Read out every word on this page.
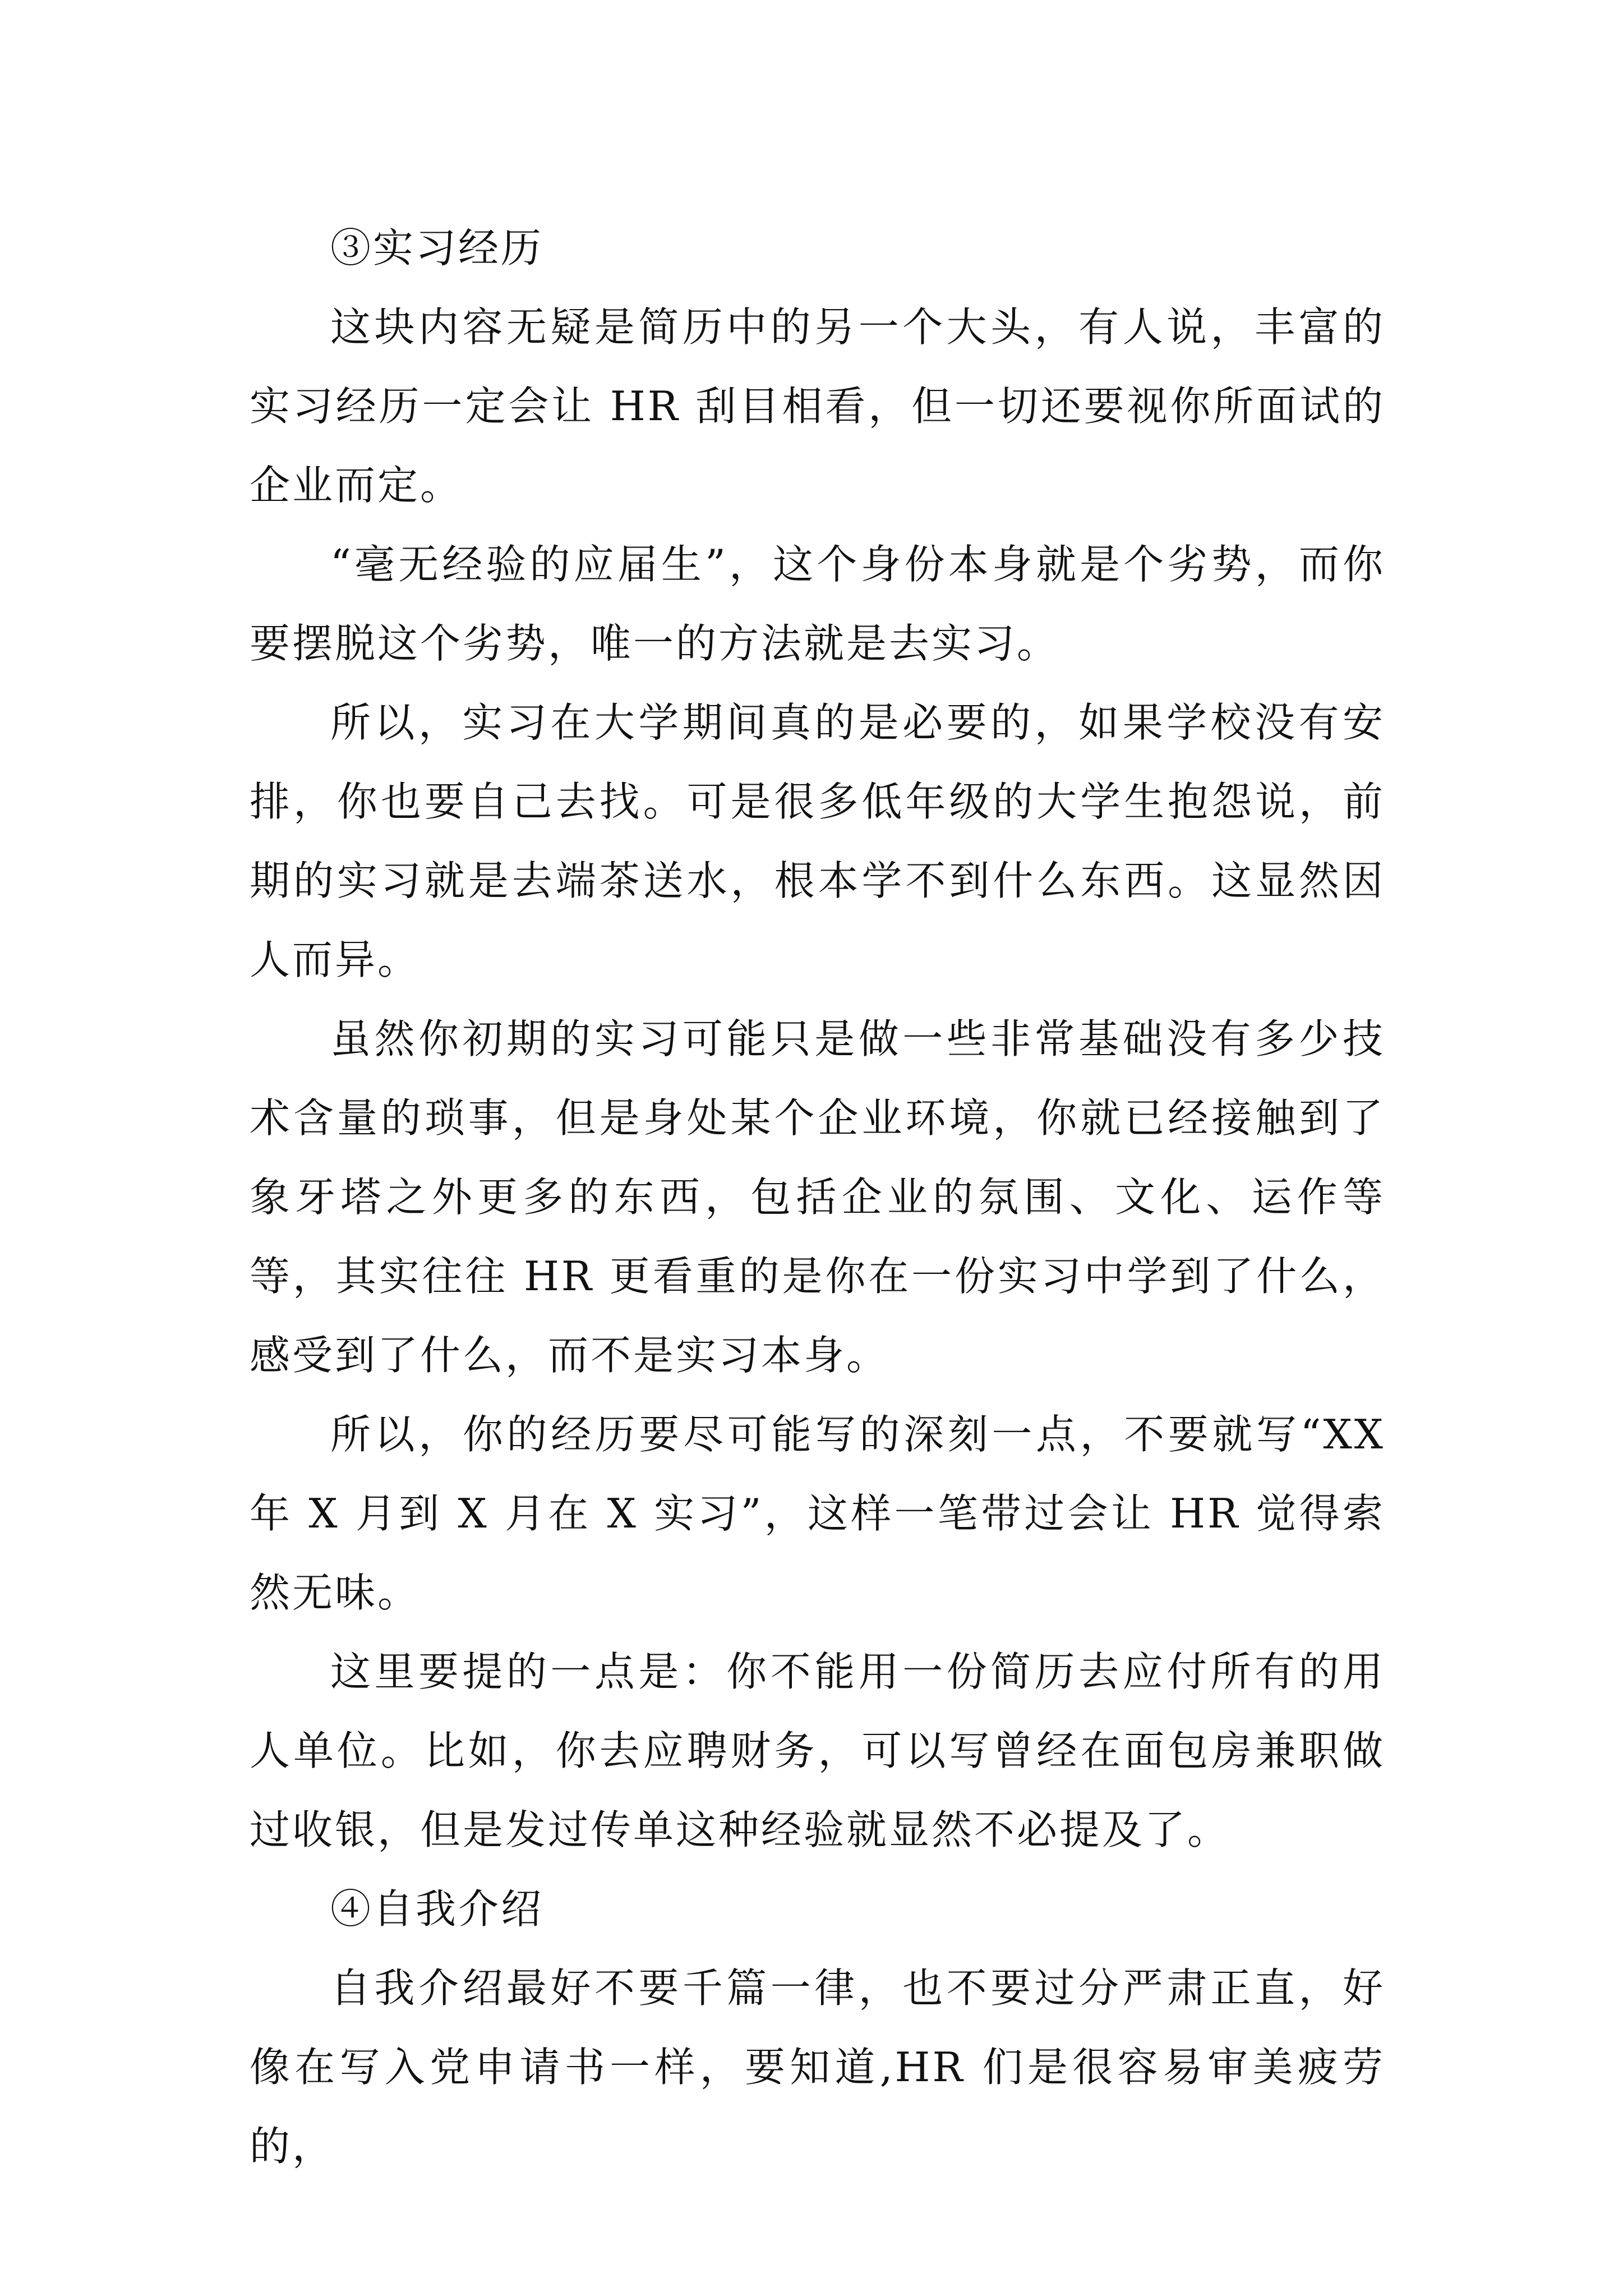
③实习经历

这块内容无疑是简历中的另一个大头，有人说，丰富的实习经历一定会让 HR 刮目相看，但一切还要视你所面试的企业而定。

“毫无经验的应届生”，这个身份本身就是个劣势，而你要摆脱这个劣势，唯一的方法就是去实习。

所以，实习在大学期间真的是必要的，如果学校没有安排，你也要自己去找。可是很多低年级的大学生抱怨说，前期的实习就是去端茶送水，根本学不到什么东西。这显然因人而异。

虽然你初期的实习可能只是做一些非常基础没有多少技术含量的琐事，但是身处某个企业环境，你就已经接触到了象牙塔之外更多的东西，包括企业的氛围、文化、运作等等，其实往往 HR 更看重的是你在一份实习中学到了什么，感受到了什么，而不是实习本身。

所以，你的经历要尽可能写的深刻一点，不要就写“XX 年 X 月到 X 月在 X 实习”，这样一笔带过会让 HR 觉得索然无味。

这里要提的一点是：你不能用一份简历去应付所有的用人单位。比如，你去应聘财务，可以写曾经在面包房兼职做过收银，但是发过传单这种经验就显然不必提及了。

④自我介绍

自我介绍最好不要千篇一律，也不要过分严肃正直，好像在写入党申请书一样，要知道,HR 们是很容易审美疲劳的，
